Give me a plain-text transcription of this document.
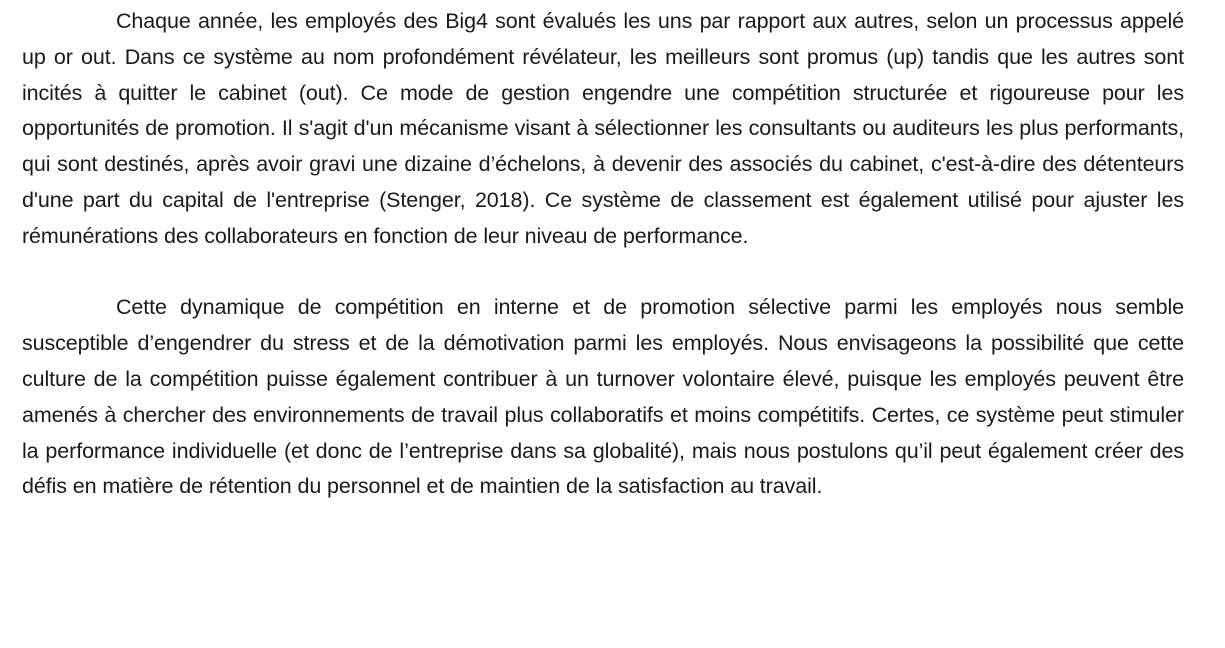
Chaque année, les employés des Big4 sont évalués les uns par rapport aux autres, selon un processus appelé up or out. Dans ce système au nom profondément révélateur, les meilleurs sont promus (up) tandis que les autres sont incités à quitter le cabinet (out). Ce mode de gestion engendre une compétition structurée et rigoureuse pour les opportunités de promotion. Il s'agit d'un mécanisme visant à sélectionner les consultants ou auditeurs les plus performants, qui sont destinés, après avoir gravi une dizaine d’échelons, à devenir des associés du cabinet, c'est-à-dire des détenteurs d'une part du capital de l'entreprise (Stenger, 2018). Ce système de classement est également utilisé pour ajuster les rémunérations des collaborateurs en fonction de leur niveau de performance.

Cette dynamique de compétition en interne et de promotion sélective parmi les employés nous semble susceptible d’engendrer du stress et de la démotivation parmi les employés. Nous envisageons la possibilité que cette culture de la compétition puisse également contribuer à un turnover volontaire élevé, puisque les employés peuvent être amenés à chercher des environnements de travail plus collaboratifs et moins compétitifs. Certes, ce système peut stimuler la performance individuelle (et donc de l’entreprise dans sa globalité), mais nous postulons qu’il peut également créer des défis en matière de rétention du personnel et de maintien de la satisfaction au travail.
